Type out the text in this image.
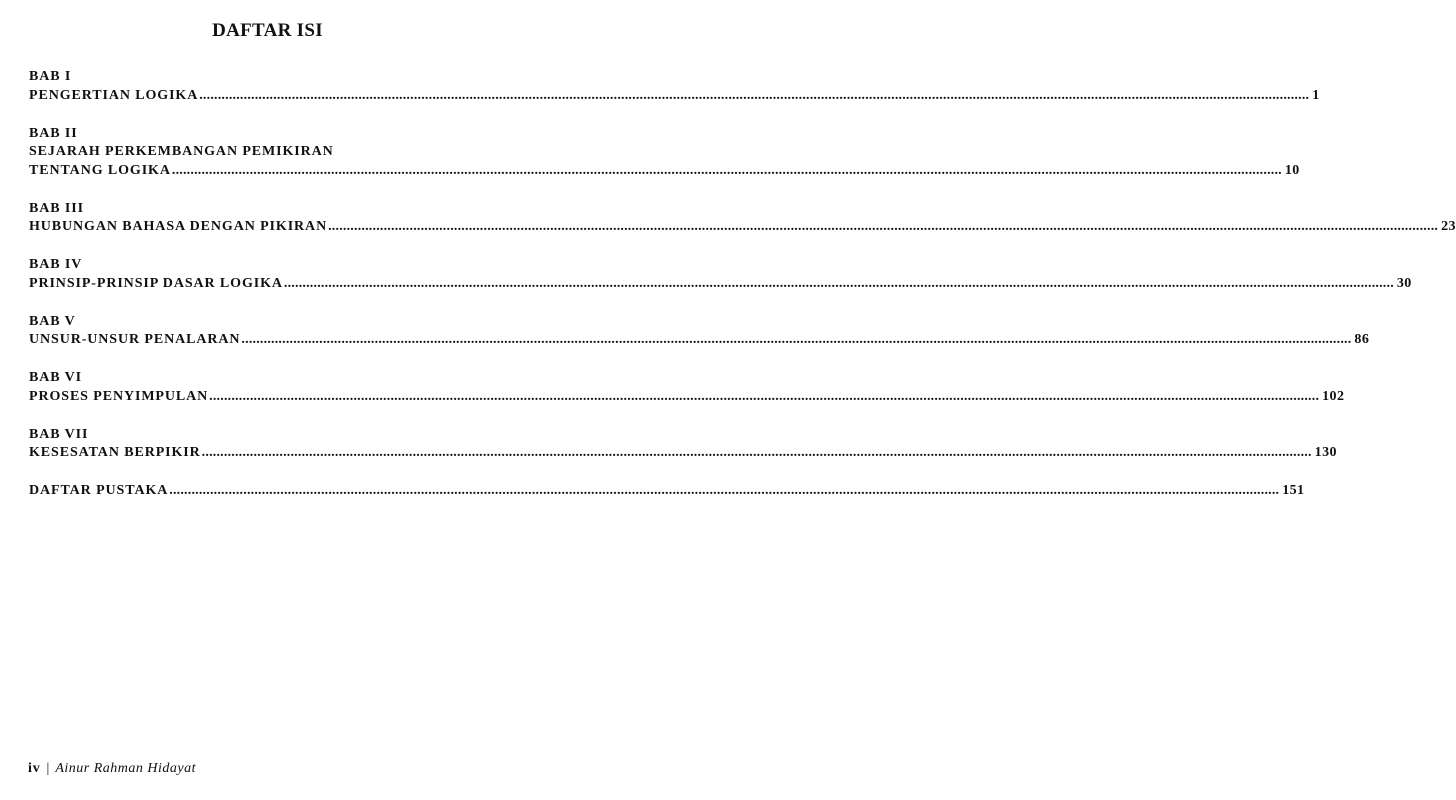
DAFTAR ISI
BAB I
PENGERTIAN LOGIKA ............................................................................................................................................................................................................................................................................................................ 1
BAB II
SEJARAH PERKEMBANGAN PEMIKIRAN
TENTANG LOGIKA ............................................................................................................................................................................................................................................................................................................ 10
BAB III
HUBUNGAN BAHASA DENGAN PIKIRAN ............................................................................................................................................................................................................................................................................................................ 23
BAB IV
PRINSIP-PRINSIP DASAR LOGIKA ............................................................................................................................................................................................................................................................................................................ 30
BAB V
UNSUR-UNSUR PENALARAN ............................................................................................................................................................................................................................................................................................................ 86
BAB VI
PROSES PENYIMPULAN ............................................................................................................................................................................................................................................................................................................ 102
BAB VII
KESESATAN BERPIKIR ............................................................................................................................................................................................................................................................................................................ 130
DAFTAR PUSTAKA ............................................................................................................................................................................................................................................................................................................ 151
iv | Ainur Rahman Hidayat
